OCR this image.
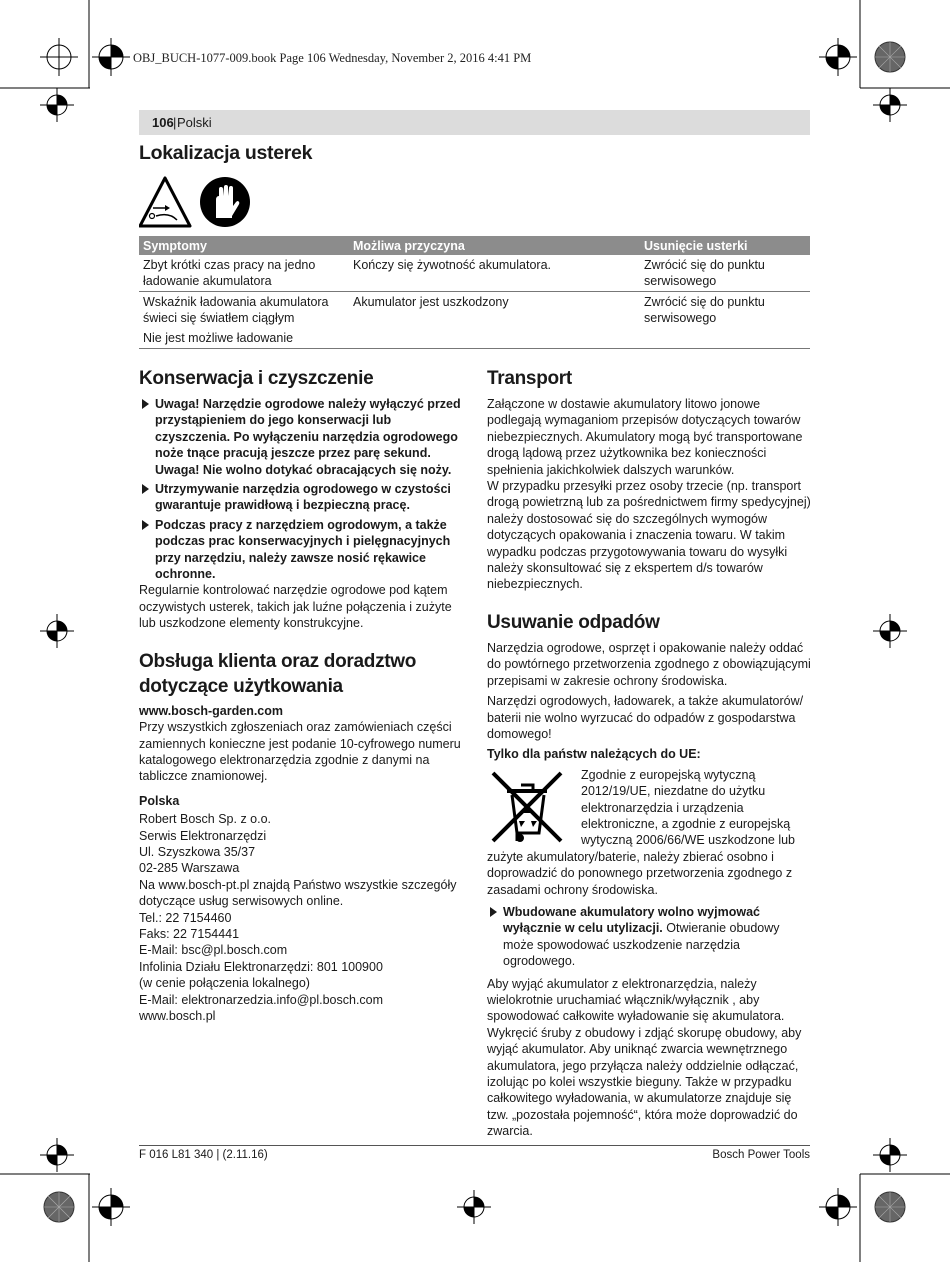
OBJ_BUCH-1077-009.book Page 106 Wednesday, November 2, 2016 4:41 PM
106 | Polski
Lokalizacja usterek
Symptomy	Możliwa przyczyna	Usunięcie usterki
Zbyt krótki czas pracy na jedno ładowanie akumulatora	Kończy się żywotność akumulatora.	Zwrócić się do punktu serwisowego
Wskaźnik ładowania akumulatora świeci się światłem ciągłym	Akumulator jest uszkodzony	Zwrócić się do punktu serwisowego
Nie jest możliwe ładowanie		
Konserwacja i czyszczenie
Uwaga! Narzędzie ogrodowe należy wyłączyć przed przystąpieniem do jego konserwacji lub czyszczenia. Po wyłączeniu narzędzia ogrodowego noże tnące pracują jeszcze przez parę sekund.
Uwaga! Nie wolno dotykać obracających się noży.
Utrzymywanie narzędzia ogrodowego w czystości gwarantuje prawidłową i bezpieczną pracę.
Podczas pracy z narzędziem ogrodowym, a także podczas prac konserwacyjnych i pielęgnacyjnych przy narzędziu, należy zawsze nosić rękawice ochronne.

Regularnie kontrolować narzędzie ogrodowe pod kątem oczywistych usterek, takich jak luźne połączenia i zużyte lub uszkodzone elementy konstrukcyjne.

Obsługa klienta oraz doradztwo dotyczące użytkowania

www.bosch-garden.com

Przy wszystkich zgłoszeniach oraz zamówieniach części zamiennych konieczne jest podanie 10-cyfrowego numeru katalogowego elektronarzędzia zgodnie z danymi na tabliczce znamionowej.

Polska

Robert Bosch Sp. z o.o.

Serwis Elektronarzędzi

Ul. Szyszkowa 35/37

02-285 Warszawa

Na www.bosch-pt.pl znajdą Państwo wszystkie szczegóły dotyczące usług serwisowych online.

Tel.: 22 7154460

Faks: 22 7154441

E-Mail: bsc@pl.bosch.com

Infolinia Działu Elektronarzędzi: 801 100900

(w cenie połączenia lokalnego)

E-Mail: elektronarzedzia.info@pl.bosch.com

www.bosch.pl

Transport

Załączone w dostawie akumulatory litowo jonowe podlegają wymaganiom przepisów dotyczących towarów niebezpiecznych. Akumulatory mogą być transportowane drogą lądową przez użytkownika bez konieczności spełnienia jakichkolwiek dalszych warunków.

W przypadku przesyłki przez osoby trzecie (np. transport drogą powietrzną lub za pośrednictwem firmy spedycyjnej) należy dostosować się do szczególnych wymogów dotyczących opakowania i znaczenia towaru. W takim wypadku podczas przygotowywania towaru do wysyłki należy skonsultować się z ekspertem d/s towarów niebezpiecznych.

Usuwanie odpadów

Narzędzia ogrodowe, osprzęt i opakowanie należy oddać do powtórnego przetworzenia zgodnego z obowiązującymi przepisami w zakresie ochrony środowiska.

Narzędzi ogrodowych, ładowarek, a także akumulatorów/ baterii nie wolno wyrzucać do odpadów z gospodarstwa domowego!

Tylko dla państw należących do UE:

Zgodnie z europejską wytyczną 2012/19/UE, niezdatne do użytku elektronarzędzia i urządzenia elektroniczne, a zgodnie z europejską wytyczną 2006/66/WE uszkodzone lub zużyte akumulatory/baterie, należy zbierać osobno i doprowadzić do ponownego przetworzenia zgodnego z zasadami ochrony środowiska.

Wbudowane akumulatory wolno wyjmować wyłącznie w celu utylizacji. Otwieranie obudowy może spowodować uszkodzenie narzędzia ogrodowego.

Aby wyjąć akumulator z elektronarzędzia, należy wielokrotnie uruchamiać włącznik/wyłącznik , aby spowodować całkowite wyładowanie się akumulatora. Wykręcić śruby z obudowy i zdjąć skorupę obudowy, aby wyjąć akumulator. Aby uniknąć zwarcia wewnętrznego akumulatora, jego przyłącza należy oddzielnie odłączać, izolując po kolei wszystkie bieguny. Także w przypadku całkowitego wyładowania, w akumulatorze znajduje się tzw. „pozostała pojemność“, która może doprowadzić do zwarcia.

F 016 L81 340 | (2.11.16)	Bosch Power Tools
